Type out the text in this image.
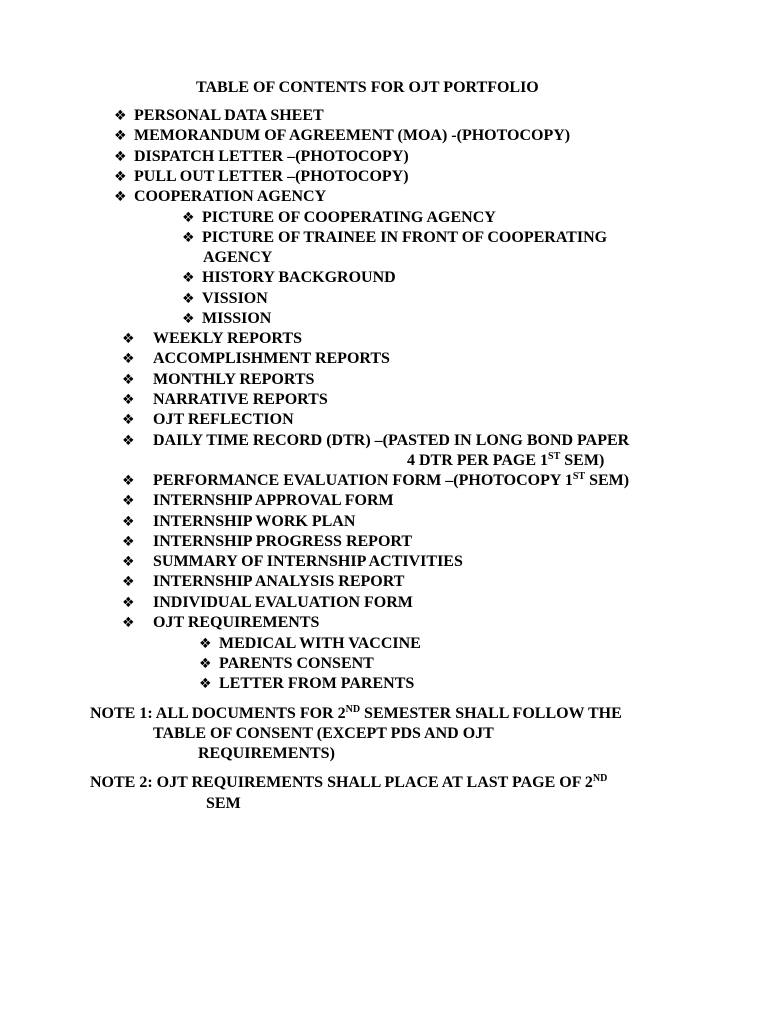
TABLE OF CONTENTS FOR OJT PORTFOLIO
❖ PERSONAL DATA SHEET
❖ MEMORANDUM OF AGREEMENT (MOA) -(PHOTOCOPY)
❖ DISPATCH LETTER –(PHOTOCOPY)
❖ PULL OUT LETTER –(PHOTOCOPY)
❖ COOPERATION AGENCY
❖ PICTURE OF COOPERATING AGENCY
❖ PICTURE OF TRAINEE IN FRONT OF COOPERATING
AGENCY
❖ HISTORY BACKGROUND
❖ VISSION
❖ MISSION
❖ WEEKLY REPORTS
❖ ACCOMPLISHMENT REPORTS
❖ MONTHLY REPORTS
❖ NARRATIVE REPORTS
❖ OJT REFLECTION
❖ DAILY TIME RECORD (DTR) –(PASTED IN LONG BOND PAPER
4 DTR PER PAGE 1ST SEM)
❖ PERFORMANCE EVALUATION FORM –(PHOTOCOPY 1ST SEM)
❖ INTERNSHIP APPROVAL FORM
❖ INTERNSHIP WORK PLAN
❖ INTERNSHIP PROGRESS REPORT
❖ SUMMARY OF INTERNSHIP ACTIVITIES
❖ INTERNSHIP ANALYSIS REPORT
❖ INDIVIDUAL EVALUATION FORM
❖ OJT REQUIREMENTS
❖ MEDICAL WITH VACCINE
❖ PARENTS CONSENT
❖ LETTER FROM PARENTS
NOTE 1: ALL DOCUMENTS FOR 2ND SEMESTER SHALL FOLLOW THE
TABLE OF CONSENT (EXCEPT PDS AND OJT
REQUIREMENTS)
NOTE 2: OJT REQUIREMENTS SHALL PLACE AT LAST PAGE OF 2ND
SEM
